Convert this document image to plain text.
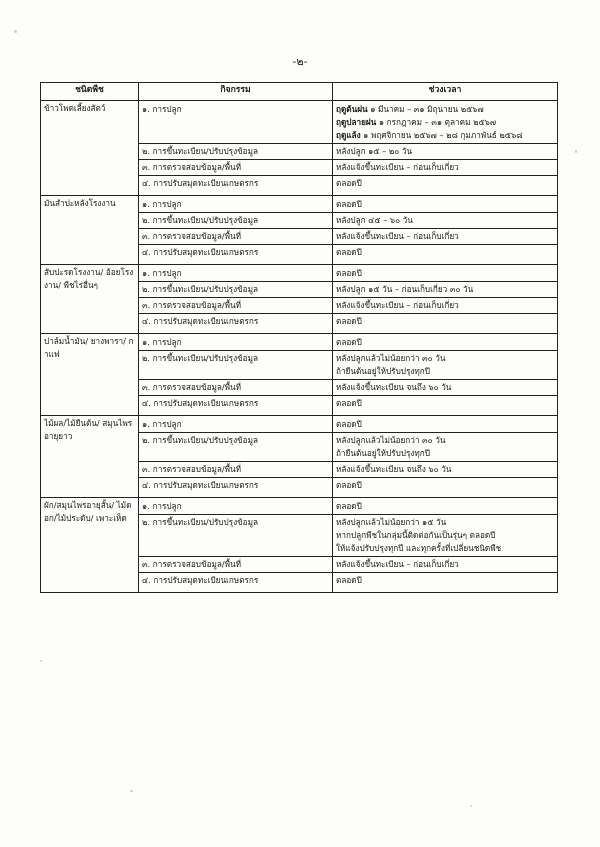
-๒-
ชนิดพืช	กิจกรรม	ช่วงเวลา
ข้าวโพดเลี้ยงสัตว์	๑. การปลูก	ฤดูต้นฝน ๑ มีนาคม – ๓๑ มิถุนายน ๒๕๖๗
ฤดูปลายฝน ๑ กรกฎาคม – ๓๑ ตุลาคม ๒๕๖๗
ฤดูแล้ง ๑ พฤศจิกายน ๒๕๖๗ – ๒๘ กุมภาพันธ์ ๒๕๖๘

	๒. การขึ้นทะเบียน/ปรับปรุงข้อมูล	หลังปลูก ๑๕ – ๒๐ วัน
	๓. การตรวจสอบข้อมูล/พื้นที่	หลังแจ้งขึ้นทะเบียน – ก่อนเก็บเกี่ยว
	๔. การปรับสมุดทะเบียนเกษตรกร	ตลอดปี
มันสำปะหลังโรงงาน	๑. การปลูก	ตลอดปี
	๒. การขึ้นทะเบียน/ปรับปรุงข้อมูล	หลังปลูก ๔๕ – ๖๐ วัน
	๓. การตรวจสอบข้อมูล/พื้นที่	หลังแจ้งขึ้นทะเบียน – ก่อนเก็บเกี่ยว
	๔. การปรับสมุดทะเบียนเกษตรกร	ตลอดปี
สับปะรดโรงงาน/ อ้อยโรงงาน/ พืชไร่อื่นๆ	๑. การปลูก	ตลอดปี
	๒. การขึ้นทะเบียน/ปรับปรุงข้อมูล	หลังปลูก ๑๕ วัน – ก่อนเก็บเกี่ยว ๓๐ วัน
	๓. การตรวจสอบข้อมูล/พื้นที่	หลังแจ้งขึ้นทะเบียน – ก่อนเก็บเกี่ยว
	๔. การปรับสมุดทะเบียนเกษตรกร	ตลอดปี
ปาล์มน้ำมัน/ ยางพารา/ กาแฟ	๑. การปลูก	ตลอดปี
	๒. การขึ้นทะเบียน/ปรับปรุงข้อมูล	หลังปลูกแล้วไม่น้อยกว่า ๓๐ วัน
ถ้ายืนต้นอยู่ให้ปรับปรุงทุกปี

	๓. การตรวจสอบข้อมูล/พื้นที่	หลังแจ้งขึ้นทะเบียน จนถึง ๖๐ วัน
	๔. การปรับสมุดทะเบียนเกษตรกร	ตลอดปี
ไม้ผล/ไม้ยืนต้น/ สมุนไพรอายุยาว	๑. การปลูก	ตลอดปี
	๒. การขึ้นทะเบียน/ปรับปรุงข้อมูล	หลังปลูกแล้วไม่น้อยกว่า ๓๐ วัน
ถ้ายืนต้นอยู่ให้ปรับปรุงทุกปี

	๓. การตรวจสอบข้อมูล/พื้นที่	หลังแจ้งขึ้นทะเบียน จนถึง ๖๐ วัน
	๔. การปรับสมุดทะเบียนเกษตรกร	ตลอดปี
ผัก/สมุนไพรอายุสั้น/ ไม้ดอก/ไม้ประดับ/ เพาะเห็ด	๑. การปลูก	ตลอดปี
	๒. การขึ้นทะเบียน/ปรับปรุงข้อมูล	หลังปลูกแล้วไม่น้อยกว่า ๑๕ วัน
หากปลูกพืชในกลุ่มนี้ติดต่อกันเป็นรุ่นๆ ตลอดปี
ให้แจ้งปรับปรุงทุกปี และทุกครั้งที่เปลี่ยนชนิดพืช

	๓. การตรวจสอบข้อมูล/พื้นที่	หลังแจ้งขึ้นทะเบียน – ก่อนเก็บเกี่ยว
	๔. การปรับสมุดทะเบียนเกษตรกร	ตลอดปี
